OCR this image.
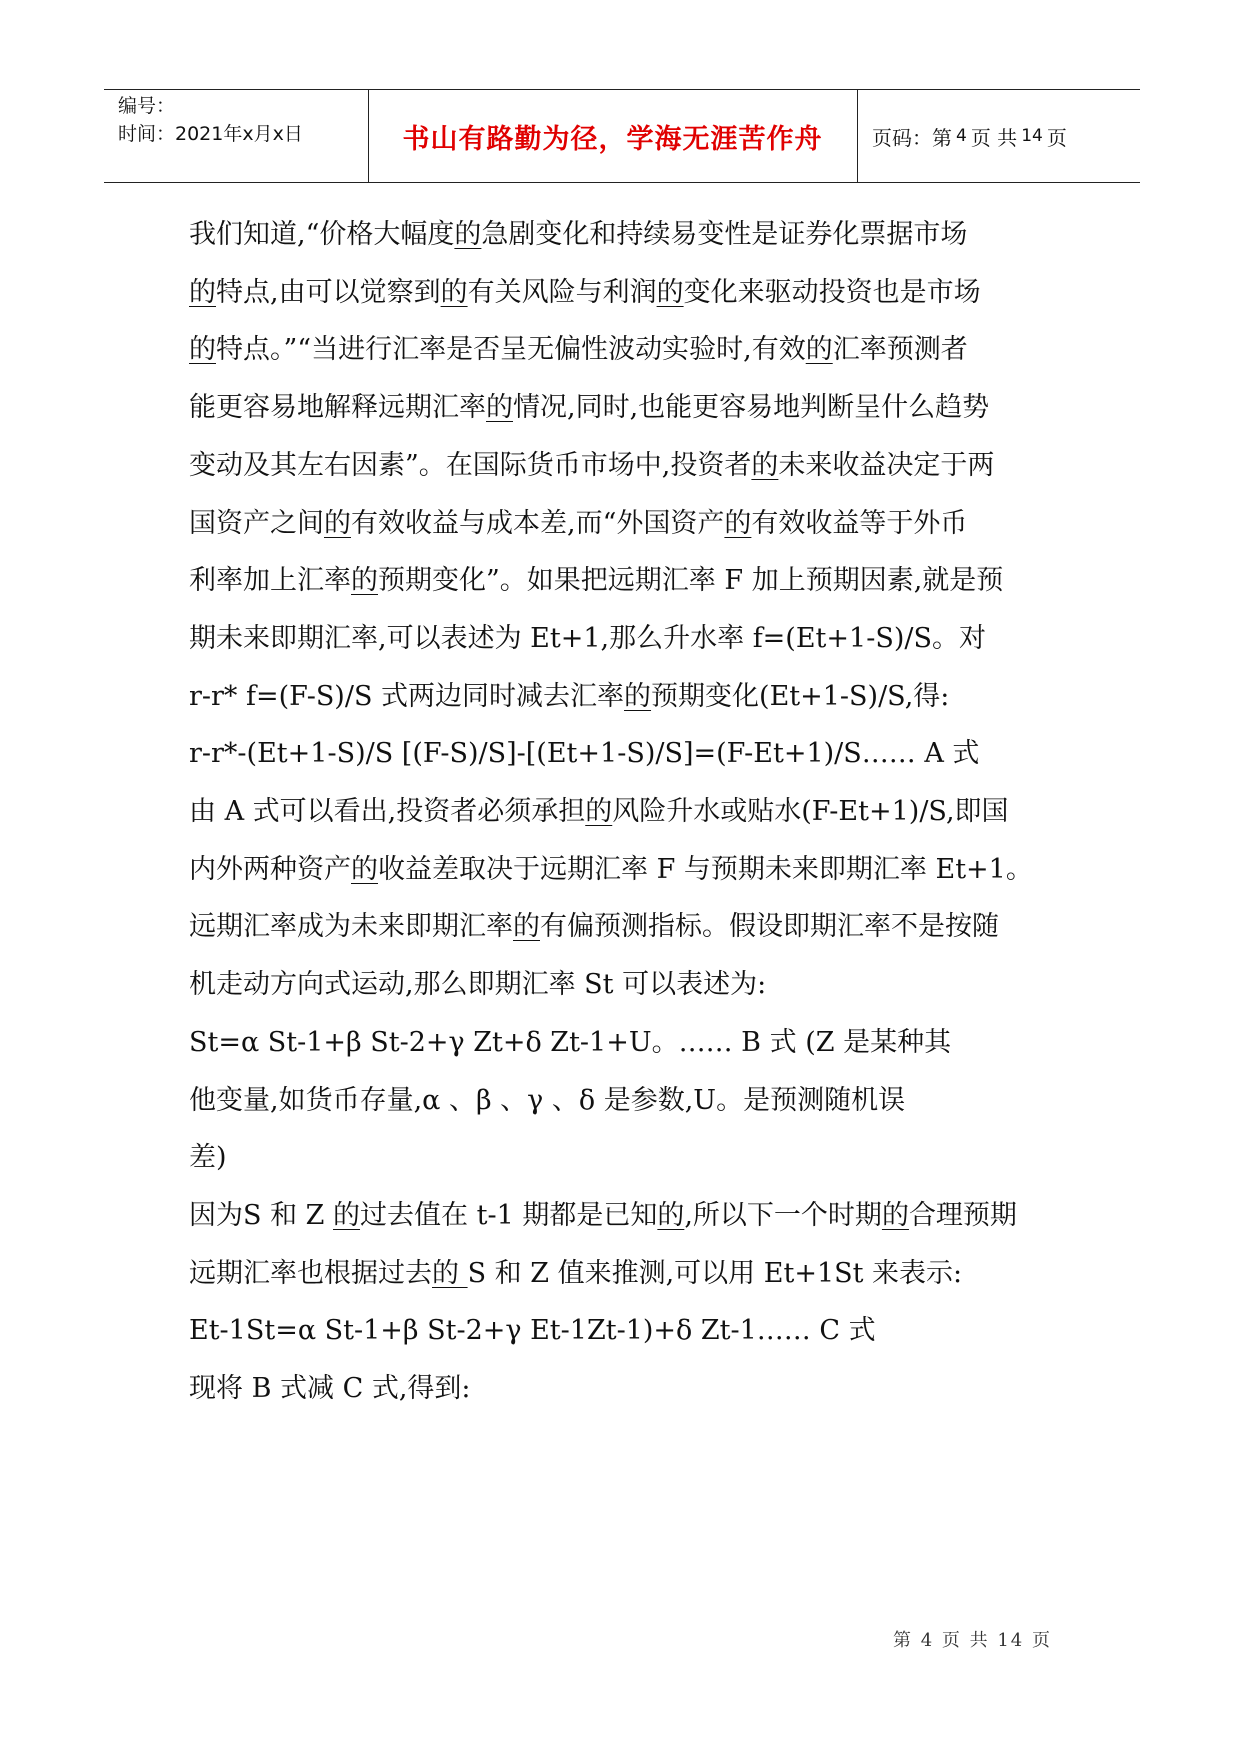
编号：
时间：2021年x月x日	书山有路勤为径，学海无涯苦作舟	页码：第 4 页 共 14 页
我们知道,“价格大幅度的急剧变化和持续易变性是证券化票据市场
的特点,由可以觉察到的有关风险与利润的变化来驱动投资也是市场
的特点。”“当进行汇率是否呈无偏性波动实验时,有效的汇率预测者
能更容易地解释远期汇率的情况,同时,也能更容易地判断呈什么趋势
变动及其左右因素”。在国际货币市场中,投资者的未来收益决定于两
国资产之间的有效收益与成本差,而“外国资产的有效收益等于外币
利率加上汇率的预期变化”。如果把远期汇率 F 加上预期因素,就是预
期未来即期汇率,可以表述为 Et+1,那么升水率 f=(Et+1-S)/S。对
r-r* f=(F-S)/S 式两边同时减去汇率的预期变化(Et+1-S)/S,得:
r-r*-(Et+1-S)/S [(F-S)/S]-[(Et+1-S)/S]=(F-Et+1)/S…… A 式
由 A 式可以看出,投资者必须承担的风险升水或贴水(F-Et+1)/S,即国
内外两种资产的收益差取决于远期汇率 F 与预期未来即期汇率 Et+1。
远期汇率成为未来即期汇率的有偏预测指标。假设即期汇率不是按随
机走动方向式运动,那么即期汇率 St 可以表述为:
St=α St-1+β St-2+γ Zt+δ Zt-1+U。…… B 式 (Z 是某种其
他变量,如货币存量,α 、β 、γ 、δ 是参数,U。是预测随机误
差)
因为S 和 Z 的过去值在 t-1 期都是已知的,所以下一个时期的合理预期
远期汇率也根据过去的 S 和 Z 值来推测,可以用 Et+1St 来表示:
Et-1St=α St-1+β St-2+γ Et-1Zt-1)+δ Zt-1…… C 式
现将 B 式减 C 式,得到:
第 4 页 共 14 页
